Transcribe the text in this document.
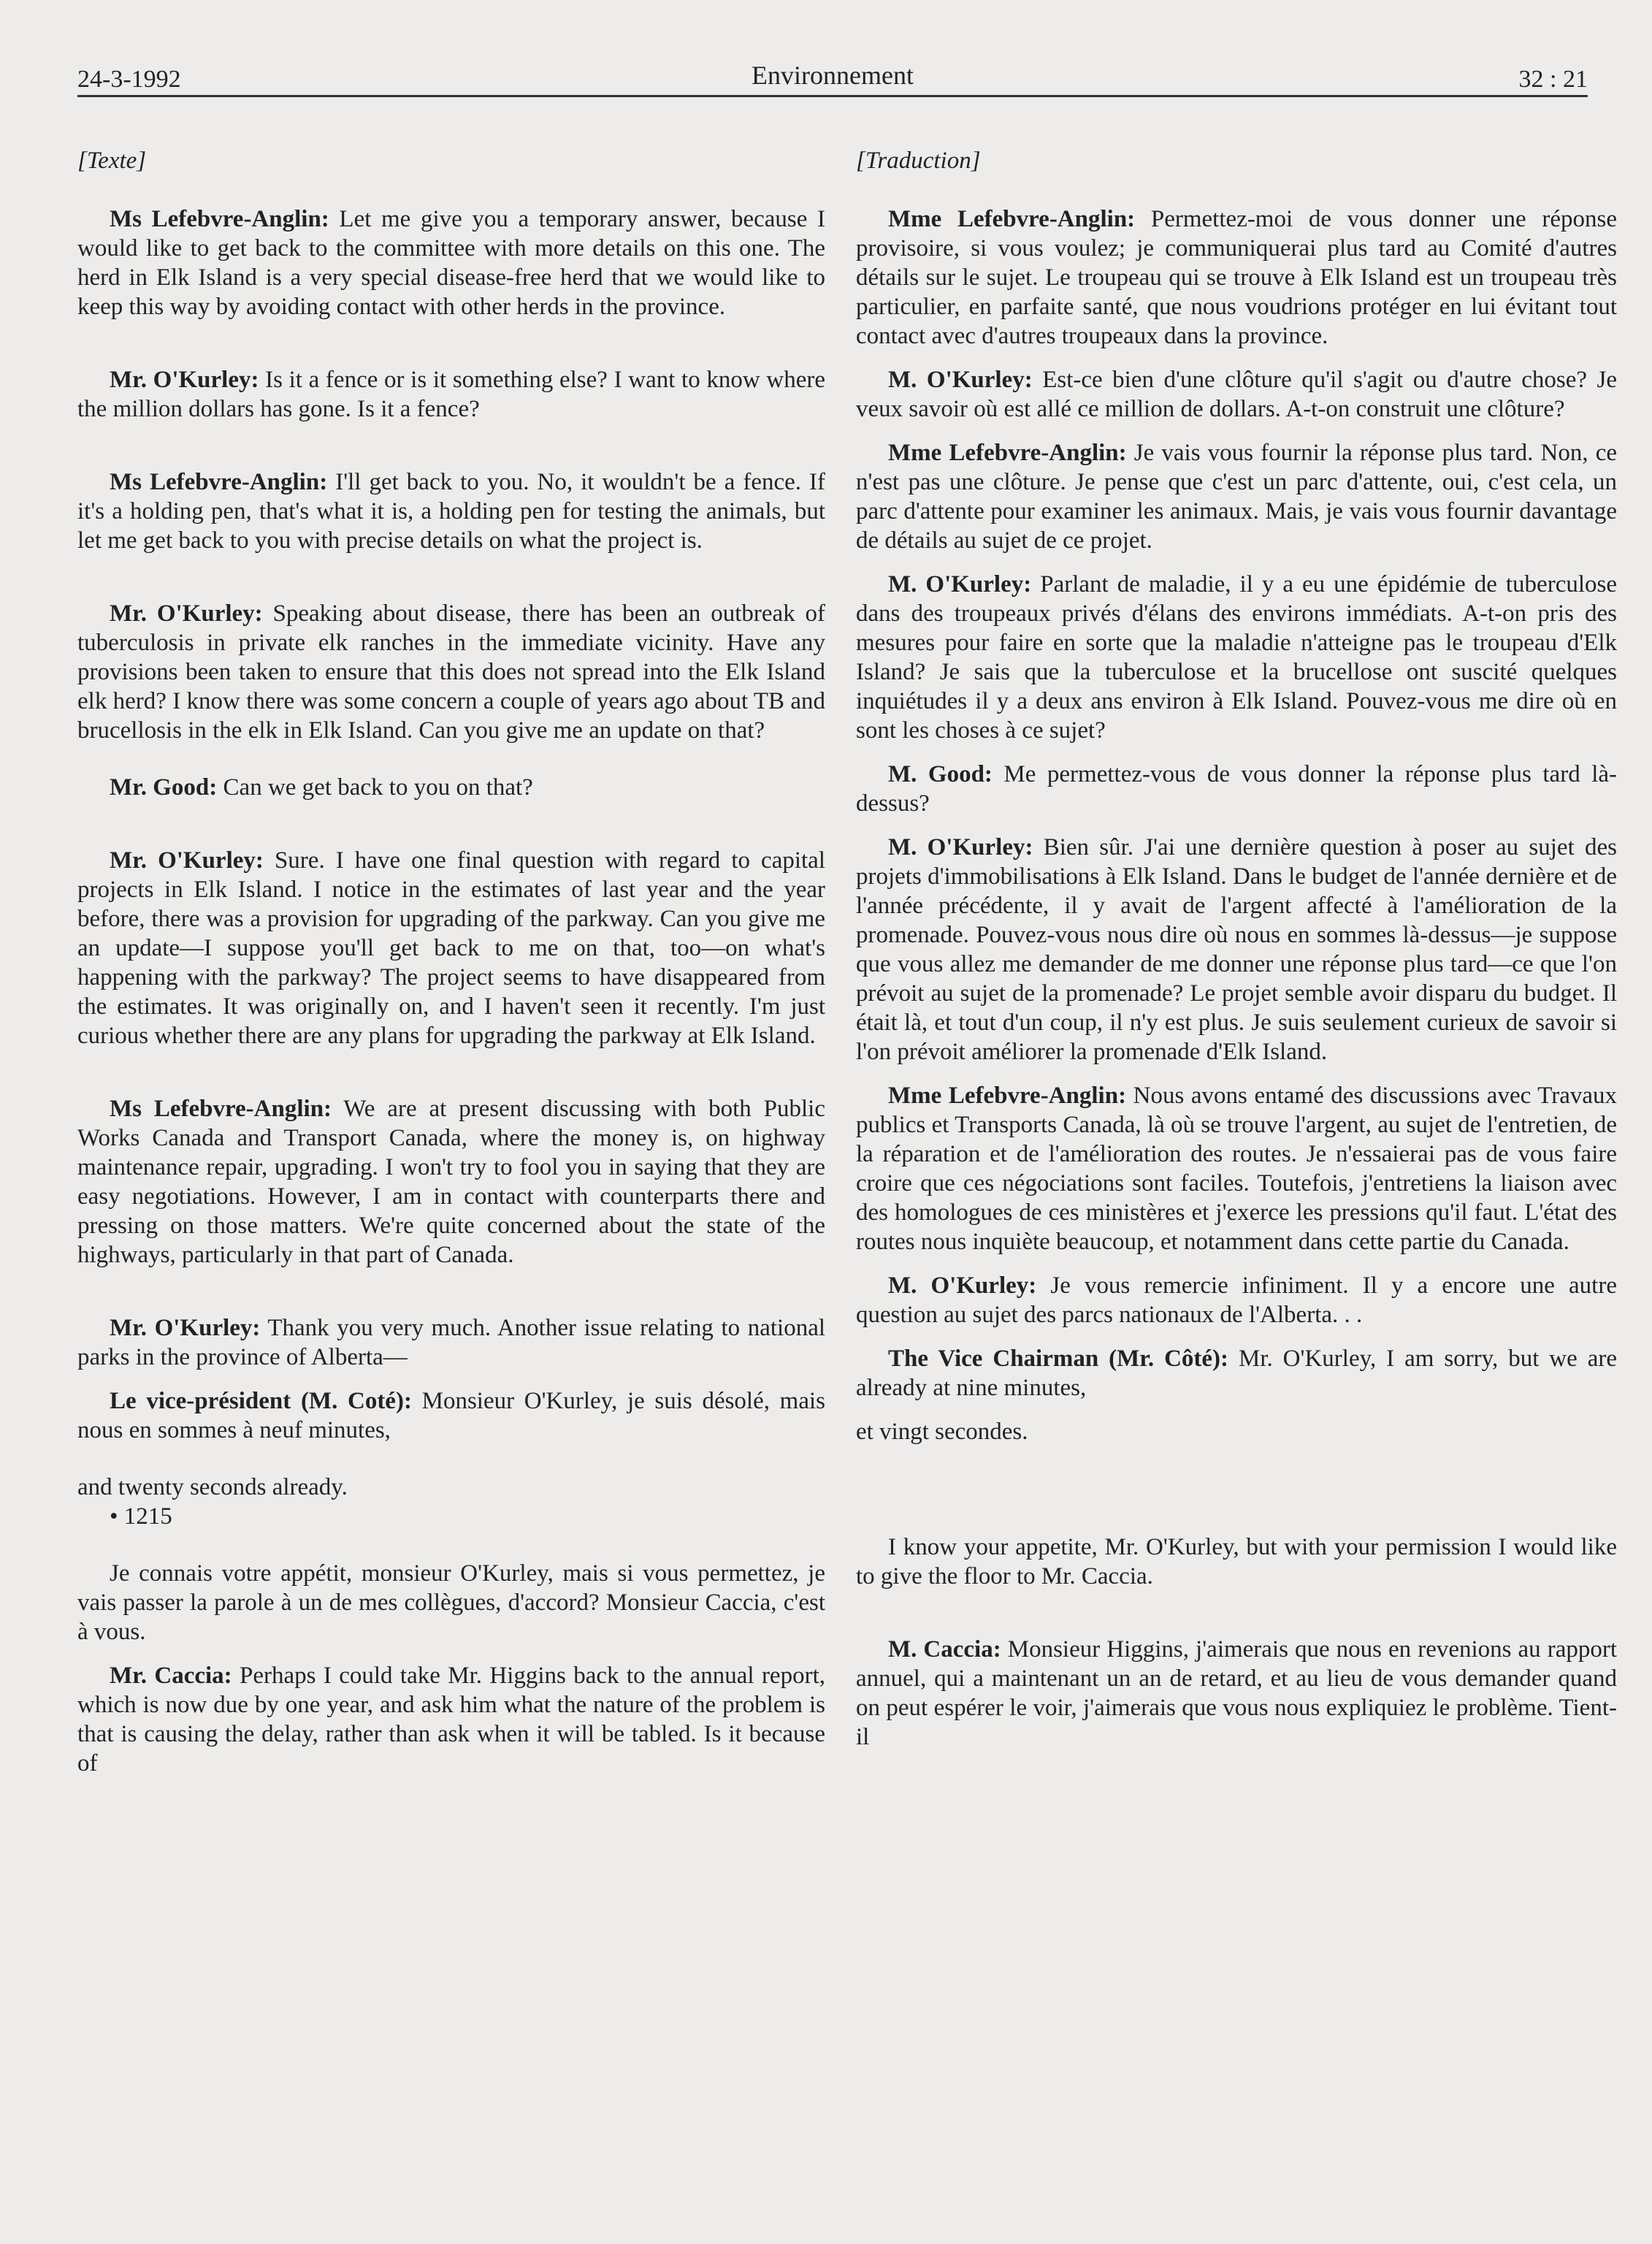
24-3-1992	Environnement	32 : 21

[Texte]

Ms Lefebvre-Anglin: Let me give you a temporary answer, because I would like to get back to the committee with more details on this one. The herd in Elk Island is a very special disease-free herd that we would like to keep this way by avoiding contact with other herds in the province.

Mr. O'Kurley: Is it a fence or is it something else? I want to know where the million dollars has gone. Is it a fence?

Ms Lefebvre-Anglin: I'll get back to you. No, it wouldn't be a fence. If it's a holding pen, that's what it is, a holding pen for testing the animals, but let me get back to you with precise details on what the project is.

Mr. O'Kurley: Speaking about disease, there has been an outbreak of tuberculosis in private elk ranches in the immediate vicinity. Have any provisions been taken to ensure that this does not spread into the Elk Island elk herd? I know there was some concern a couple of years ago about TB and brucellosis in the elk in Elk Island. Can you give me an update on that?

Mr. Good: Can we get back to you on that?

Mr. O'Kurley: Sure. I have one final question with regard to capital projects in Elk Island. I notice in the estimates of last year and the year before, there was a provision for upgrading of the parkway. Can you give me an update—I suppose you'll get back to me on that, too—on what's happening with the parkway? The project seems to have disappeared from the estimates. It was originally on, and I haven't seen it recently. I'm just curious whether there are any plans for upgrading the parkway at Elk Island.

Ms Lefebvre-Anglin: We are at present discussing with both Public Works Canada and Transport Canada, where the money is, on highway maintenance repair, upgrading. I won't try to fool you in saying that they are easy negotiations. However, I am in contact with counterparts there and pressing on those matters. We're quite concerned about the state of the highways, particularly in that part of Canada.

Mr. O'Kurley: Thank you very much. Another issue relating to national parks in the province of Alberta—

Le vice-président (M. Coté): Monsieur O'Kurley, je suis désolé, mais nous en sommes à neuf minutes,

and twenty seconds already.

• 1215

Je connais votre appétit, monsieur O'Kurley, mais si vous permettez, je vais passer la parole à un de mes collègues, d'accord? Monsieur Caccia, c'est à vous.

Mr. Caccia: Perhaps I could take Mr. Higgins back to the annual report, which is now due by one year, and ask him what the nature of the problem is that is causing the delay, rather than ask when it will be tabled. Is it because of

[Traduction]

Mme Lefebvre-Anglin: Permettez-moi de vous donner une réponse provisoire, si vous voulez; je communiquerai plus tard au Comité d'autres détails sur le sujet. Le troupeau qui se trouve à Elk Island est un troupeau très particulier, en parfaite santé, que nous voudrions protéger en lui évitant tout contact avec d'autres troupeaux dans la province.

M. O'Kurley: Est-ce bien d'une clôture qu'il s'agit ou d'autre chose? Je veux savoir où est allé ce million de dollars. A-t-on construit une clôture?

Mme Lefebvre-Anglin: Je vais vous fournir la réponse plus tard. Non, ce n'est pas une clôture. Je pense que c'est un parc d'attente, oui, c'est cela, un parc d'attente pour examiner les animaux. Mais, je vais vous fournir davantage de détails au sujet de ce projet.

M. O'Kurley: Parlant de maladie, il y a eu une épidémie de tuberculose dans des troupeaux privés d'élans des environs immédiats. A-t-on pris des mesures pour faire en sorte que la maladie n'atteigne pas le troupeau d'Elk Island? Je sais que la tuberculose et la brucellose ont suscité quelques inquiétudes il y a deux ans environ à Elk Island. Pouvez-vous me dire où en sont les choses à ce sujet?

M. Good: Me permettez-vous de vous donner la réponse plus tard là-dessus?

M. O'Kurley: Bien sûr. J'ai une dernière question à poser au sujet des projets d'immobilisations à Elk Island. Dans le budget de l'année dernière et de l'année précédente, il y avait de l'argent affecté à l'amélioration de la promenade. Pouvez-vous nous dire où nous en sommes là-dessus—je suppose que vous allez me demander de me donner une réponse plus tard—ce que l'on prévoit au sujet de la promenade? Le projet semble avoir disparu du budget. Il était là, et tout d'un coup, il n'y est plus. Je suis seulement curieux de savoir si l'on prévoit améliorer la promenade d'Elk Island.

Mme Lefebvre-Anglin: Nous avons entamé des discussions avec Travaux publics et Transports Canada, là où se trouve l'argent, au sujet de l'entretien, de la réparation et de l'amélioration des routes. Je n'essaierai pas de vous faire croire que ces négociations sont faciles. Toutefois, j'entretiens la liaison avec des homologues de ces ministères et j'exerce les pressions qu'il faut. L'état des routes nous inquiète beaucoup, et notamment dans cette partie du Canada.

M. O'Kurley: Je vous remercie infiniment. Il y a encore une autre question au sujet des parcs nationaux de l'Alberta. . .

The Vice Chairman (Mr. Côté): Mr. O'Kurley, I am sorry, but we are already at nine minutes,

et vingt secondes.

I know your appetite, Mr. O'Kurley, but with your permission I would like to give the floor to Mr. Caccia.

M. Caccia: Monsieur Higgins, j'aimerais que nous en revenions au rapport annuel, qui a maintenant un an de retard, et au lieu de vous demander quand on peut espérer le voir, j'aimerais que vous nous expliquiez le problème. Tient-il
